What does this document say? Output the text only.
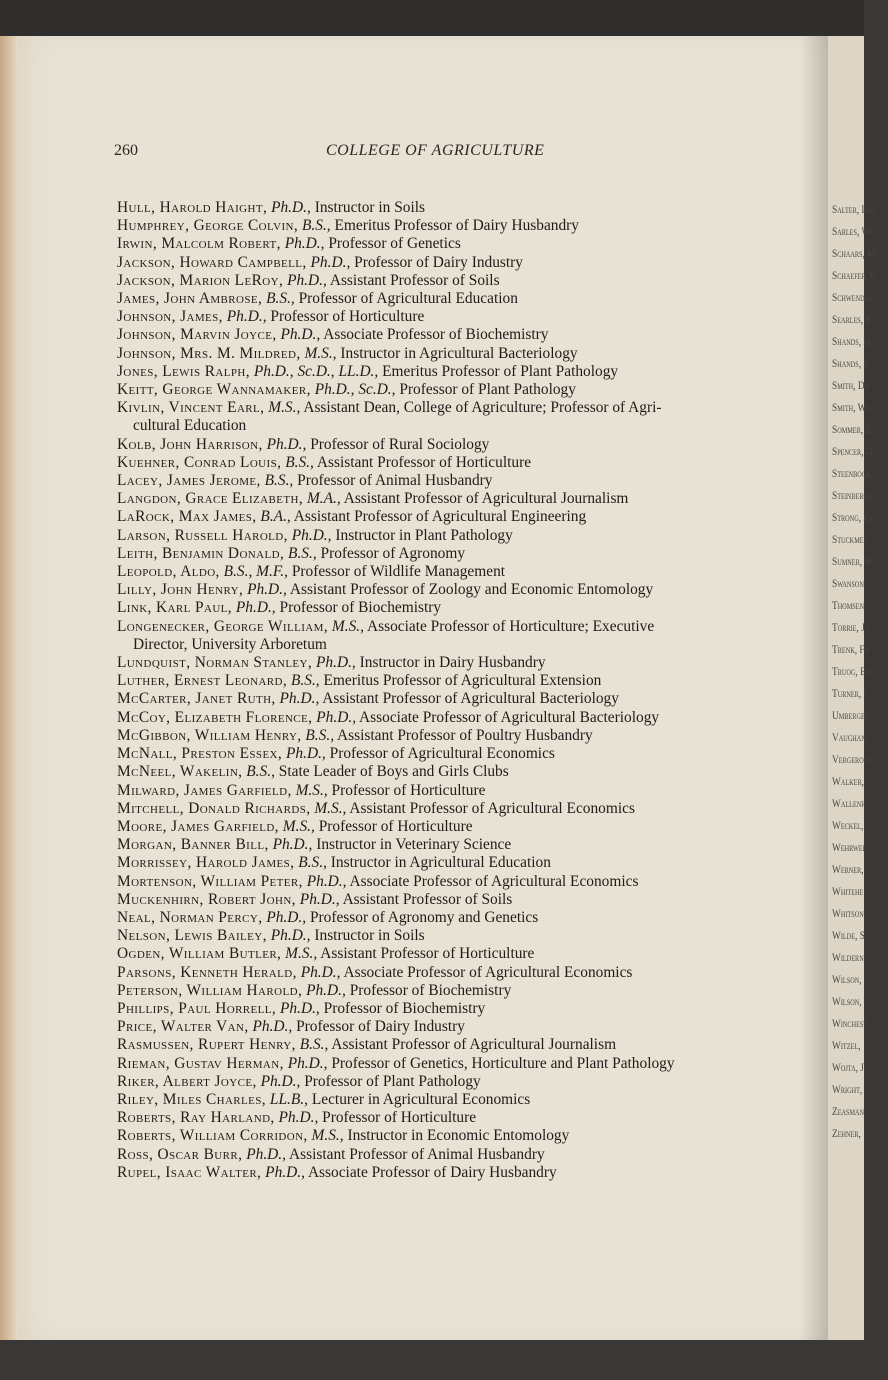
Salter, Lel
Sarles, Wi
Schaars, M
Schaefer, C
Schwendim
Searles, E
Shands, H
Shands, R
Smith, Da
Smith, Wi
Sommer, E
Spencer, G
Steenbock,
Steinbergh
Strong, Fr
Stuckmey
Sumner, W
Swanson,
Thomsen,
Torrie, Ja
Trenk, Fr
Truog, Em
Turner, I
Umberger,
Vaughan,
Vergeront
Walker,
Wallenf
Weckel,
Wehrwei
Werner,
Whitehe
Whitson,
Wilde, S
Wildern
Wilson,
Wilson,
Winchest
Witzel,
Wojta, J
Wright,
Zeasman
Zehner,
260	COLLEGE OF AGRICULTURE
Hull, Harold Haight, Ph.D., Instructor in Soils
Humphrey, George Colvin, B.S., Emeritus Professor of Dairy Husbandry
Irwin, Malcolm Robert, Ph.D., Professor of Genetics
Jackson, Howard Campbell, Ph.D., Professor of Dairy Industry
Jackson, Marion LeRoy, Ph.D., Assistant Professor of Soils
James, John Ambrose, B.S., Professor of Agricultural Education
Johnson, James, Ph.D., Professor of Horticulture
Johnson, Marvin Joyce, Ph.D., Associate Professor of Biochemistry
Johnson, Mrs. M. Mildred, M.S., Instructor in Agricultural Bacteriology
Jones, Lewis Ralph, Ph.D., Sc.D., LL.D., Emeritus Professor of Plant Pathology
Keitt, George Wannamaker, Ph.D., Sc.D., Professor of Plant Pathology
Kivlin, Vincent Earl, M.S., Assistant Dean, College of Agriculture; Professor of Agri-
cultural Education
Kolb, John Harrison, Ph.D., Professor of Rural Sociology
Kuehner, Conrad Louis, B.S., Assistant Professor of Horticulture
Lacey, James Jerome, B.S., Professor of Animal Husbandry
Langdon, Grace Elizabeth, M.A., Assistant Professor of Agricultural Journalism
LaRock, Max James, B.A., Assistant Professor of Agricultural Engineering
Larson, Russell Harold, Ph.D., Instructor in Plant Pathology
Leith, Benjamin Donald, B.S., Professor of Agronomy
Leopold, Aldo, B.S., M.F., Professor of Wildlife Management
Lilly, John Henry, Ph.D., Assistant Professor of Zoology and Economic Entomology
Link, Karl Paul, Ph.D., Professor of Biochemistry
Longenecker, George William, M.S., Associate Professor of Horticulture; Executive
Director, University Arboretum
Lundquist, Norman Stanley, Ph.D., Instructor in Dairy Husbandry
Luther, Ernest Leonard, B.S., Emeritus Professor of Agricultural Extension
McCarter, Janet Ruth, Ph.D., Assistant Professor of Agricultural Bacteriology
McCoy, Elizabeth Florence, Ph.D., Associate Professor of Agricultural Bacteriology
McGibbon, William Henry, B.S., Assistant Professor of Poultry Husbandry
McNall, Preston Essex, Ph.D., Professor of Agricultural Economics
McNeel, Wakelin, B.S., State Leader of Boys and Girls Clubs
Milward, James Garfield, M.S., Professor of Horticulture
Mitchell, Donald Richards, M.S., Assistant Professor of Agricultural Economics
Moore, James Garfield, M.S., Professor of Horticulture
Morgan, Banner Bill, Ph.D., Instructor in Veterinary Science
Morrissey, Harold James, B.S., Instructor in Agricultural Education
Mortenson, William Peter, Ph.D., Associate Professor of Agricultural Economics
Muckenhirn, Robert John, Ph.D., Assistant Professor of Soils
Neal, Norman Percy, Ph.D., Professor of Agronomy and Genetics
Nelson, Lewis Bailey, Ph.D., Instructor in Soils
Ogden, William Butler, M.S., Assistant Professor of Horticulture
Parsons, Kenneth Herald, Ph.D., Associate Professor of Agricultural Economics
Peterson, William Harold, Ph.D., Professor of Biochemistry
Phillips, Paul Horrell, Ph.D., Professor of Biochemistry
Price, Walter Van, Ph.D., Professor of Dairy Industry
Rasmussen, Rupert Henry, B.S., Assistant Professor of Agricultural Journalism
Rieman, Gustav Herman, Ph.D., Professor of Genetics, Horticulture and Plant Pathology
Riker, Albert Joyce, Ph.D., Professor of Plant Pathology
Riley, Miles Charles, LL.B., Lecturer in Agricultural Economics
Roberts, Ray Harland, Ph.D., Professor of Horticulture
Roberts, William Corridon, M.S., Instructor in Economic Entomology
Ross, Oscar Burr, Ph.D., Assistant Professor of Animal Husbandry
Rupel, Isaac Walter, Ph.D., Associate Professor of Dairy Husbandry
